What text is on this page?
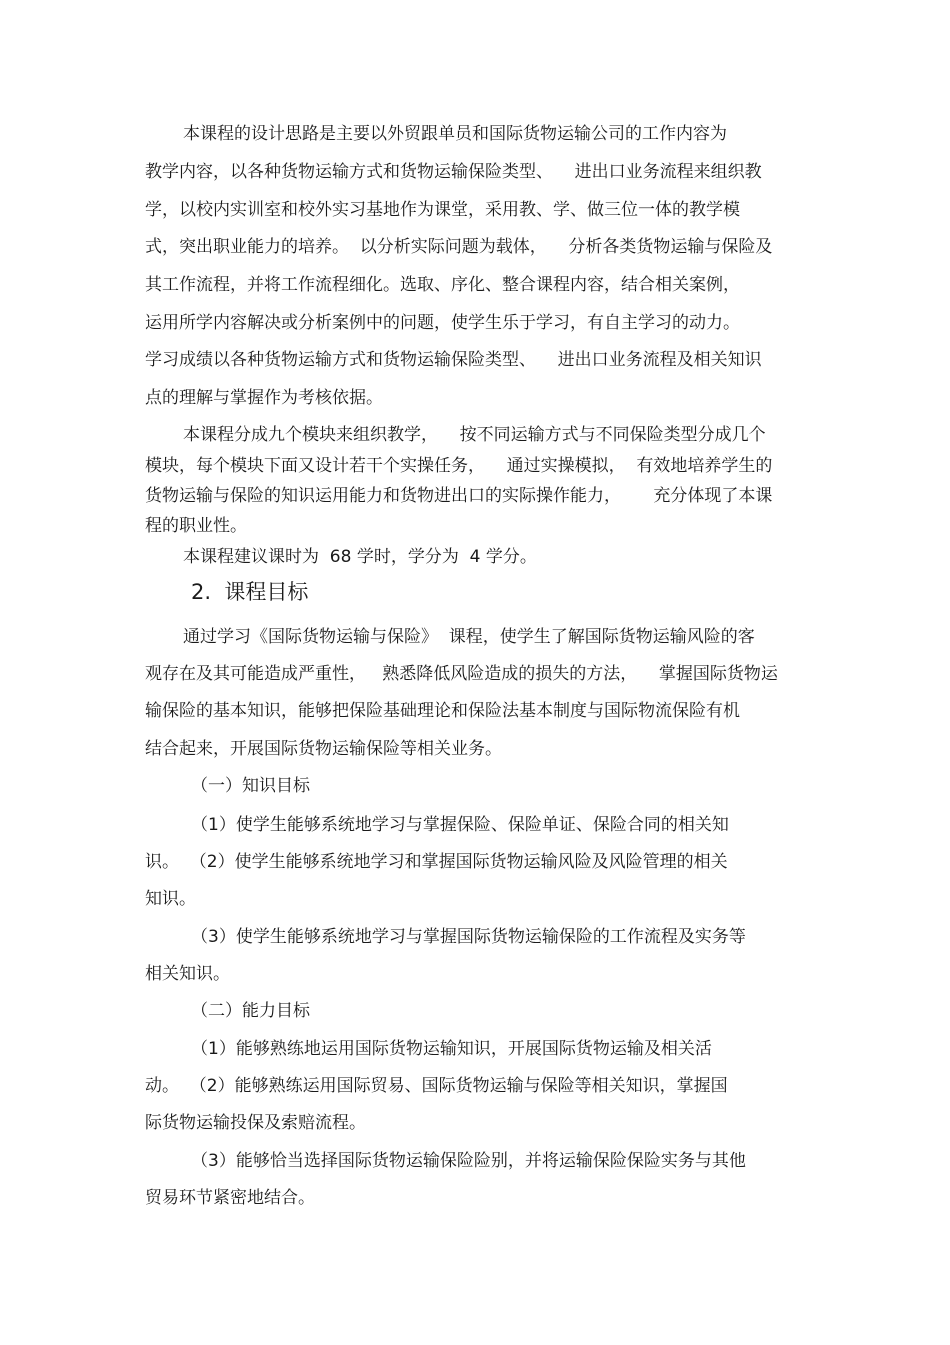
本课程的设计思路是主要以外贸跟单员和国际货物运输公司的工作内容为

教学内容，以各种货物运输方式和货物运输保险类型、    进出口业务流程来组织教

学，以校内实训室和校外实习基地作为课堂，采用教、学、做三位一体的教学模

式，突出职业能力的培养。  以分析实际问题为载体，    分析各类货物运输与保险及

其工作流程，并将工作流程细化。选取、序化、整合课程内容，结合相关案例，

运用所学内容解决或分析案例中的问题，使学生乐于学习，有自主学习的动力。

学习成绩以各种货物运输方式和货物运输保险类型、    进出口业务流程及相关知识

点的理解与掌握作为考核依据。

本课程分成九个模块来组织教学，    按不同运输方式与不同保险类型分成几个

模块，每个模块下面又设计若干个实操任务，    通过实操模拟，  有效地培养学生的

货物运输与保险的知识运用能力和货物进出口的实际操作能力，      充分体现了本课

程的职业性。

本课程建议课时为  68 学时，学分为  4 学分。

2.  课程目标

通过学习《国际货物运输与保险》  课程，使学生了解国际货物运输风险的客

观存在及其可能造成严重性，   熟悉降低风险造成的损失的方法，    掌握国际货物运

输保险的基本知识，能够把保险基础理论和保险法基本制度与国际物流保险有机

结合起来，开展国际货物运输保险等相关业务。

（一）知识目标

（1）使学生能够系统地学习与掌握保险、保险单证、保险合同的相关知

识。  （2）使学生能够系统地学习和掌握国际货物运输风险及风险管理的相关

知识。

（3）使学生能够系统地学习与掌握国际货物运输保险的工作流程及实务等

相关知识。

（二）能力目标

（1）能够熟练地运用国际货物运输知识，开展国际货物运输及相关活

动。  （2）能够熟练运用国际贸易、国际货物运输与保险等相关知识，掌握国

际货物运输投保及索赔流程。

（3）能够恰当选择国际货物运输保险险别，并将运输保险保险实务与其他

贸易环节紧密地结合。
